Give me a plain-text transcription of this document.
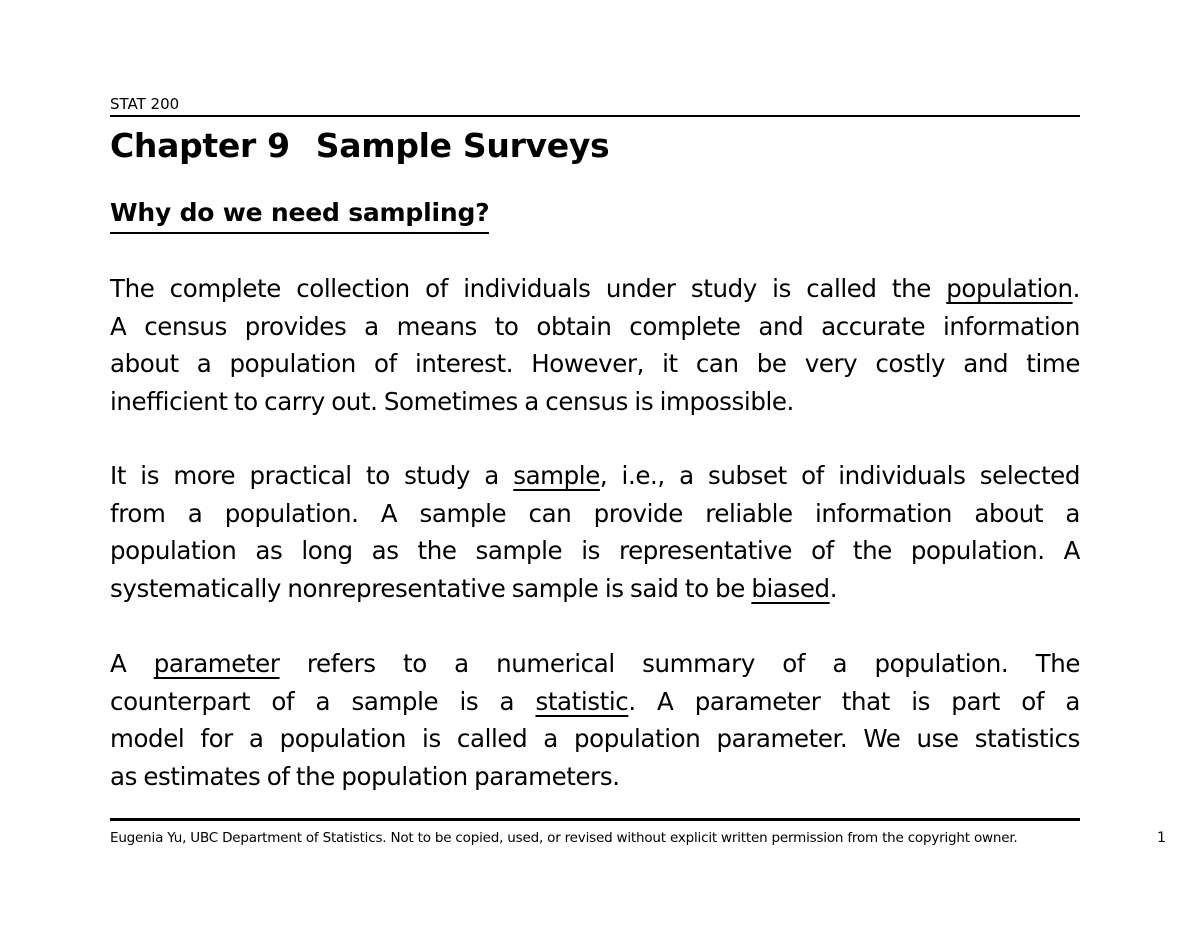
STAT 200
Chapter 9 Sample Surveys
Why do we need sampling?
The complete collection of individuals under study is called the population.
A census provides a means to obtain complete and accurate information
about a population of interest. However, it can be very costly and time
inefficient to carry out. Sometimes a census is impossible.
It is more practical to study a sample, i.e., a subset of individuals selected
from a population. A sample can provide reliable information about a
population as long as the sample is representative of the population. A
systematically nonrepresentative sample is said to be biased.
A parameter refers to a numerical summary of a population. The
counterpart of a sample is a statistic. A parameter that is part of a
model for a population is called a population parameter. We use statistics
as estimates of the population parameters.
Eugenia Yu, UBC Department of Statistics. Not to be copied, used, or revised without explicit written permission from the copyright owner.	1
